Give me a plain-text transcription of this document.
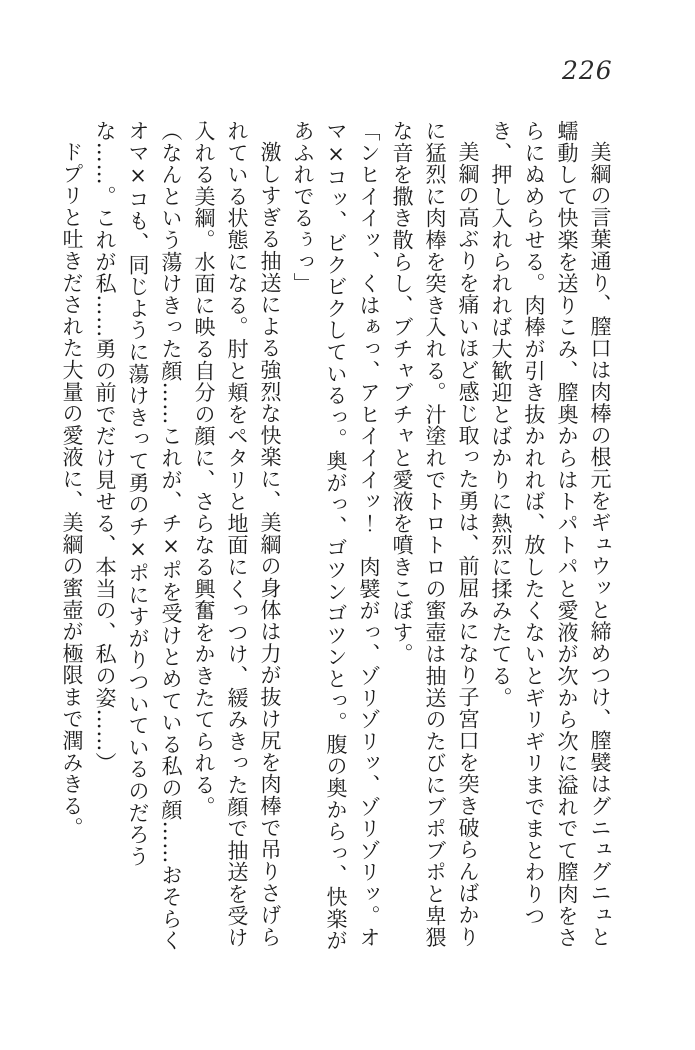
226

美綱の言葉通り、膣口は肉棒の根元をギュウッと締めつけ、膣襞はグニュグニュと蠕動して快楽を送りこみ、膣奥からはトパトパと愛液が次から次に溢れでて膣肉をさらにぬめらせる。肉棒が引き抜かれれば、放したくないとギリギリまでまとわりつき、押し入れられれば大歓迎とばかりに熱烈に揉みたてる。

美綱の高ぶりを痛いほど感じ取った勇は、前屈みになり子宮口を突き破らんばかりに猛烈に肉棒を突き入れる。汁塗れでトロトロの蜜壺は抽送のたびにブポブポと卑猥な音を撒き散らし、ブチャブチャと愛液を噴きこぼす。

「ンヒイイッ、くはぁっ、アヒイイイッ！　肉襞がっ、ゾリゾリッ、ゾリゾリッ。オマ×コッ、ビクビクしているっ。奥がっ、ゴツンゴツンとっ。腹の奥からっ、快楽があふれでるぅっ」

激しすぎる抽送による強烈な快楽に、美綱の身体は力が抜け尻を肉棒で吊りさげられている状態になる。肘と頬をペタリと地面にくっつけ、緩みきった顔で抽送を受け入れる美綱。水面に映る自分の顔に、さらなる興奮をかきたてられる。

（なんという蕩けきった顔……これが、チ×ポを受けとめている私の顔……おそらくオマ×コも、同じように蕩けきって勇のチ×ポにすがりついているのだろうな……。これが私……勇の前でだけ見せる、本当の、私の姿……）

ドプリと吐きだされた大量の愛液に、美綱の蜜壺が極限まで潤みきる。
